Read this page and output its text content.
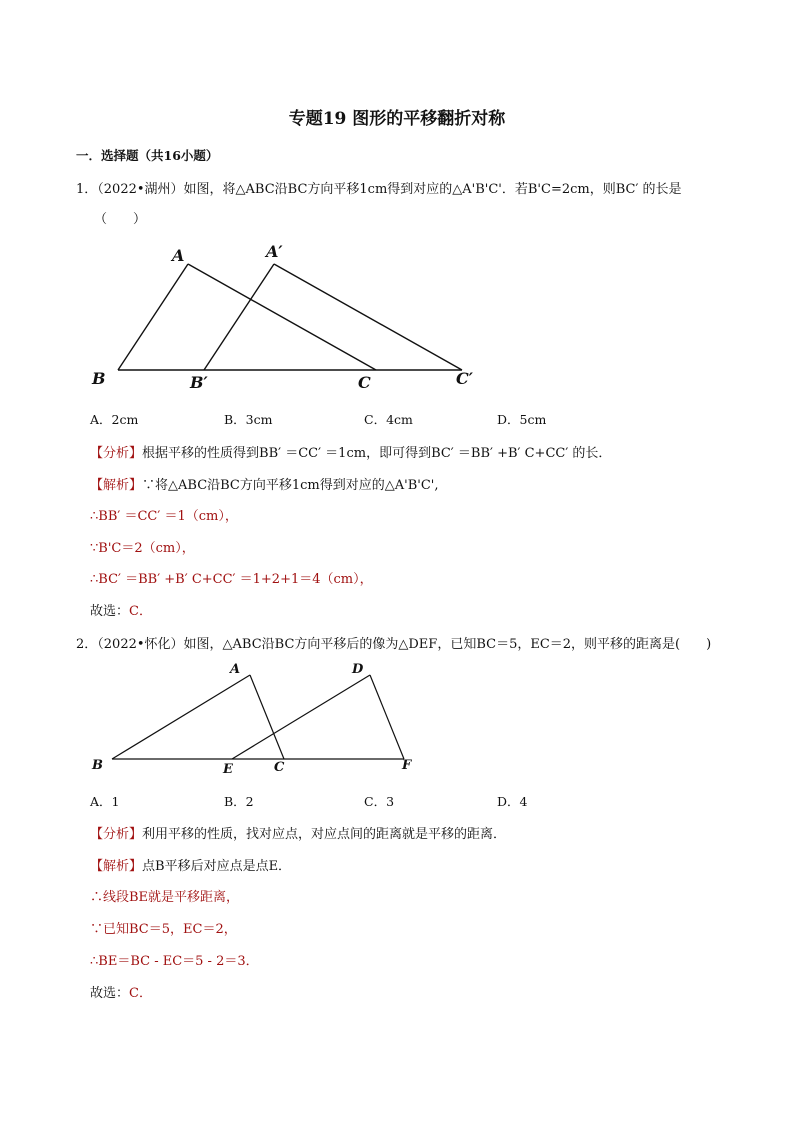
专题19 图形的平移翻折对称
一．选择题（共16小题）
1．（2022•湖州）如图，将△ABC沿BC方向平移1cm得到对应的△A'B'C'．若B'C=2cm，则BC′ 的长是
（　　）
A	A′
B	B′	C	C′
A．2cm	B．3cm	C．4cm	D．5cm
【分析】根据平移的性质得到BB′ ＝CC′ ＝1cm，即可得到BC′ ＝BB′ +B′ C+CC′ 的长．
【解析】∵将△ABC沿BC方向平移1cm得到对应的△A'B'C',
∴BB′ ＝CC′ ＝1（cm），
∵B'C＝2（cm），
∴BC′ ＝BB′ +B′ C+CC′ ＝1+2+1＝4（cm），
故选：C．
2．（2022•怀化）如图，△ABC沿BC方向平移后的像为△DEF，已知BC＝5，EC＝2，则平移的距离是(　　)
A	D
B	E	C	F
A．1	B．2	C．3	D．4
【分析】利用平移的性质，找对应点，对应点间的距离就是平移的距离．
【解析】点B平移后对应点是点E．
∴线段BE就是平移距离，
∵已知BC＝5，EC＝2，
∴BE＝BC - EC＝5 - 2＝3．
故选：C．
